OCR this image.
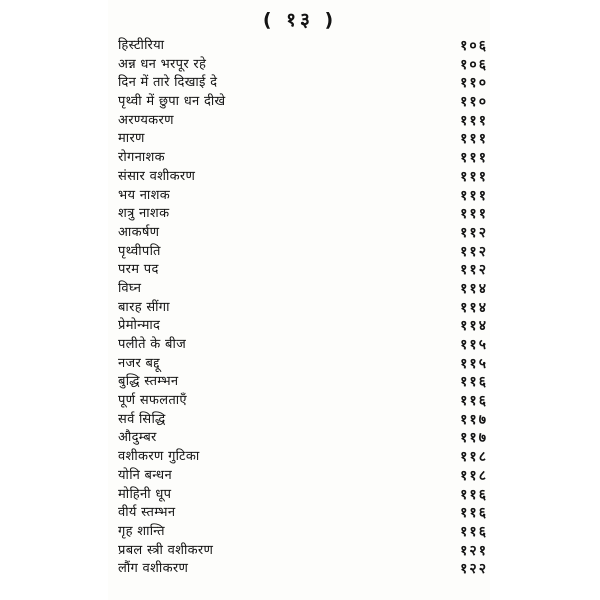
( १३ )
हिस्टीरिया	१०६
अन्न धन भरपूर रहे	१०६
दिन में तारे दिखाई दे	११०
पृथ्वी में छुपा धन दीखे	११०
अरण्यकरण	१११
मारण	१११
रोगनाशक	१११
संसार वशीकरण	१११
भय नाशक	१११
शत्रु नाशक	१११
आकर्षण	११२
पृथ्वीपति	११२
परम पद	११२
विघ्न	११४
बारह सींगा	११४
प्रेमोन्माद	११४
पलीते के बीज	११५
नजर बद्दू	११५
बुद्धि स्तम्भन	११६
पूर्ण सफलताएँ	११६
सर्व सिद्धि	११७
औदुम्बर	११७
वशीकरण गुटिका	११८
योनि बन्धन	११८
मोहिनी धूप	११६
वीर्य स्तम्भन	११६
गृह शान्ति	११६
प्रबल स्त्री वशीकरण	१२१
लौंग वशीकरण	१२२
